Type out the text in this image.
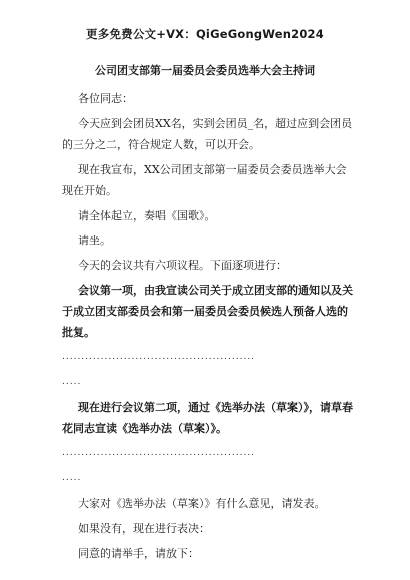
更多免费公文+VX：QiGeGongWen2024
公司团支部第一届委员会委员选举大会主持词

各位同志：

今天应到会团员XX名，实到会团员_名，超过应到会团员的三分之二，符合规定人数，可以开会。

现在我宣布，XX公司团支部第一届委员会委员选举大会现在开始。

请全体起立，奏唱《国歌》。

请坐。

今天的会议共有六项议程。下面逐项进行：

会议第一项，由我宣读公司关于成立团支部的通知以及关于成立团支部委员会和第一届委员会委员候选人预备人选的批复。

..................................................
.....

现在进行会议第二项，通过《选举办法（草案）》，请草春花同志宣读《选举办法（草案）》。

..................................................
.....

大家对《选举办法（草案）》有什么意见，请发表。

如果没有，现在进行表决：

同意的请举手，请放下：
